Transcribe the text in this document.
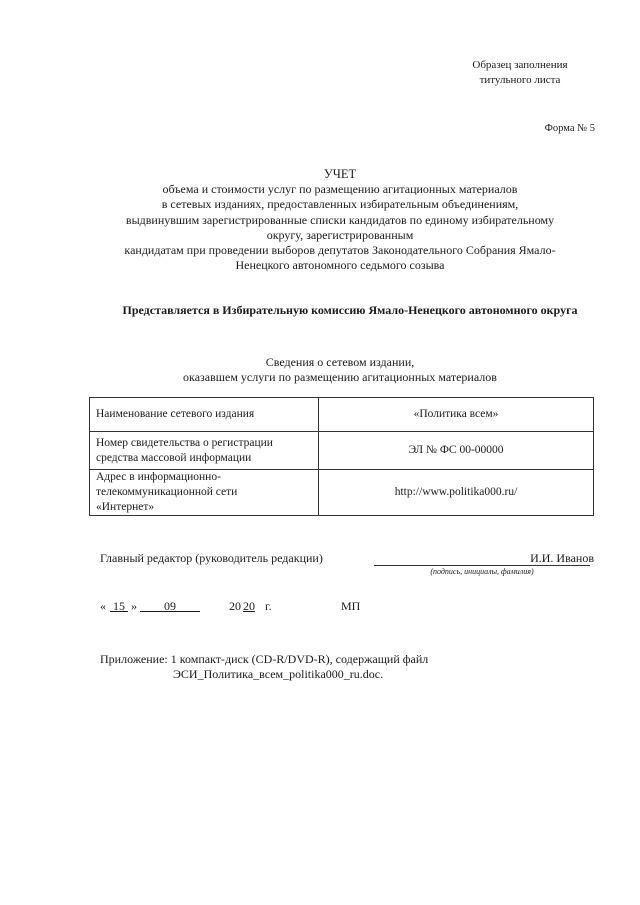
Образец заполнения
титульного листа
Форма № 5
УЧЕТ
объема и стоимости услуг по размещению агитационных материалов
в сетевых изданиях, предоставленных избирательным объединениям,
выдвинувшим зарегистрированные списки кандидатов по единому избирательному
округу, зарегистрированным
кандидатам при проведении выборов депутатов Законодательного Собрания Ямало-
Ненецкого автономного седьмого созыва
Представляется в Избирательную комиссию Ямало-Ненецкого автономного округа
Сведения о сетевом издании,
оказавшем услуги по размещению агитационных материалов
Наименование сетевого издания	«Политика всем»

Номер свидетельства о регистрации
средства массовой информации	ЭЛ № ФС 00-00000

Адрес в информационно-
телекоммуникационной сети
«Интернет»	http://www.politika000.ru/
Главный редактор (руководитель редакции)	И.И. Иванов
(подпись, инициалы, фамилия)
« 15 »	09	20 20 г.	МП
Приложение: 1 компакт-диск (CD-R/DVD-R), содержащий файл
ЭСИ_Политика_всем_politika000_ru.doc.
